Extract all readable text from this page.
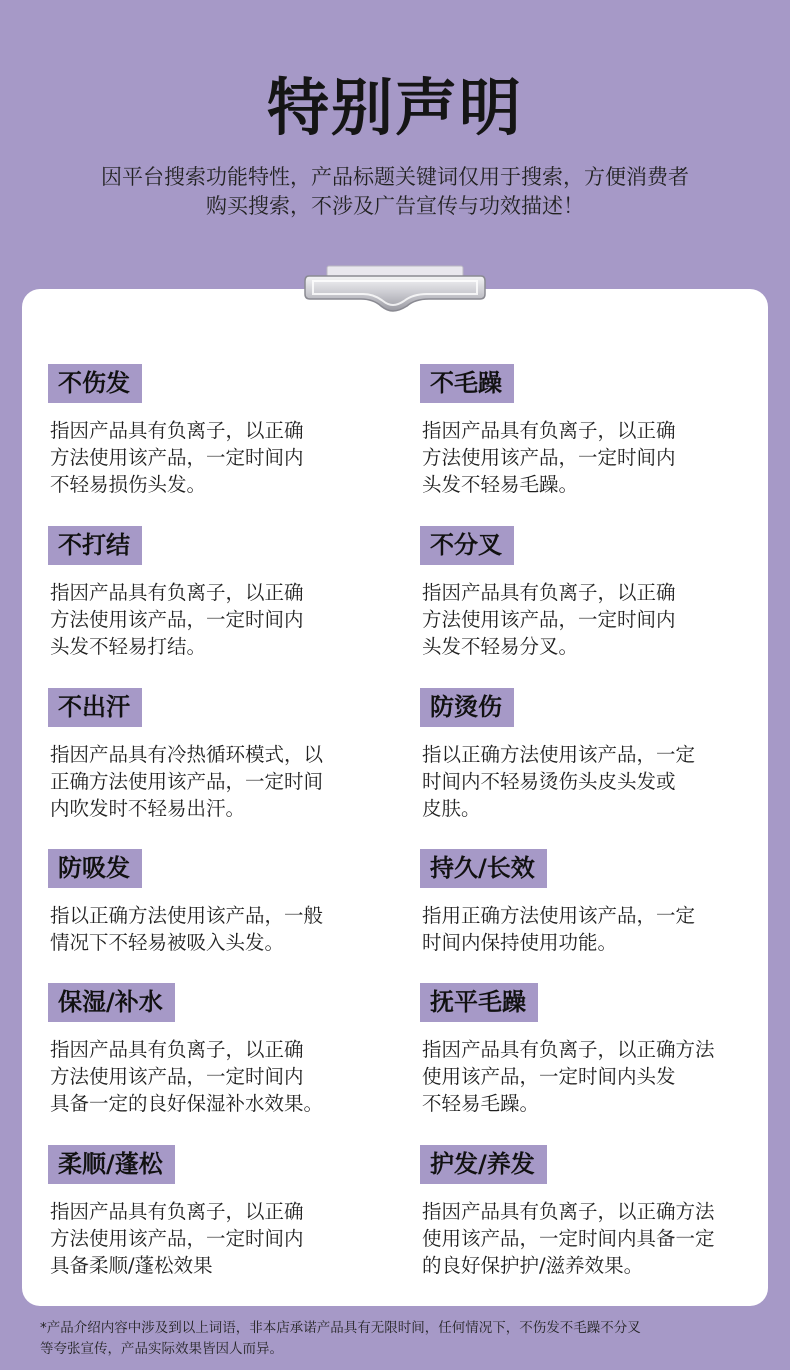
特别声明
因平台搜索功能特性，产品标题关键词仅用于搜索，方便消费者
购买搜索，不涉及广告宣传与功效描述！
不伤发
指因产品具有负离子，以正确
方法使用该产品，一定时间内
不轻易损伤头发。
不毛躁
指因产品具有负离子，以正确
方法使用该产品，一定时间内
头发不轻易毛躁。
不打结
指因产品具有负离子，以正确
方法使用该产品，一定时间内
头发不轻易打结。
不分叉
指因产品具有负离子，以正确
方法使用该产品，一定时间内
头发不轻易分叉。
不出汗
指因产品具有冷热循环模式，以
正确方法使用该产品，一定时间
内吹发时不轻易出汗。
防烫伤
指以正确方法使用该产品，一定
时间内不轻易烫伤头皮头发或
皮肤。
防吸发
指以正确方法使用该产品，一般
情况下不轻易被吸入头发。
持久/长效
指用正确方法使用该产品，一定
时间内保持使用功能。
保湿/补水
指因产品具有负离子，以正确
方法使用该产品，一定时间内
具备一定的良好保湿补水效果。
抚平毛躁
指因产品具有负离子，以正确方法
使用该产品，一定时间内头发
不轻易毛躁。
柔顺/蓬松
指因产品具有负离子，以正确
方法使用该产品，一定时间内
具备柔顺/蓬松效果
护发/养发
指因产品具有负离子，以正确方法
使用该产品，一定时间内具备一定
的良好保护护/滋养效果。
*产品介绍内容中涉及到以上词语，非本店承诺产品具有无限时间，任何情况下，不伤发不毛躁不分叉
等夸张宣传，产品实际效果皆因人而异。
